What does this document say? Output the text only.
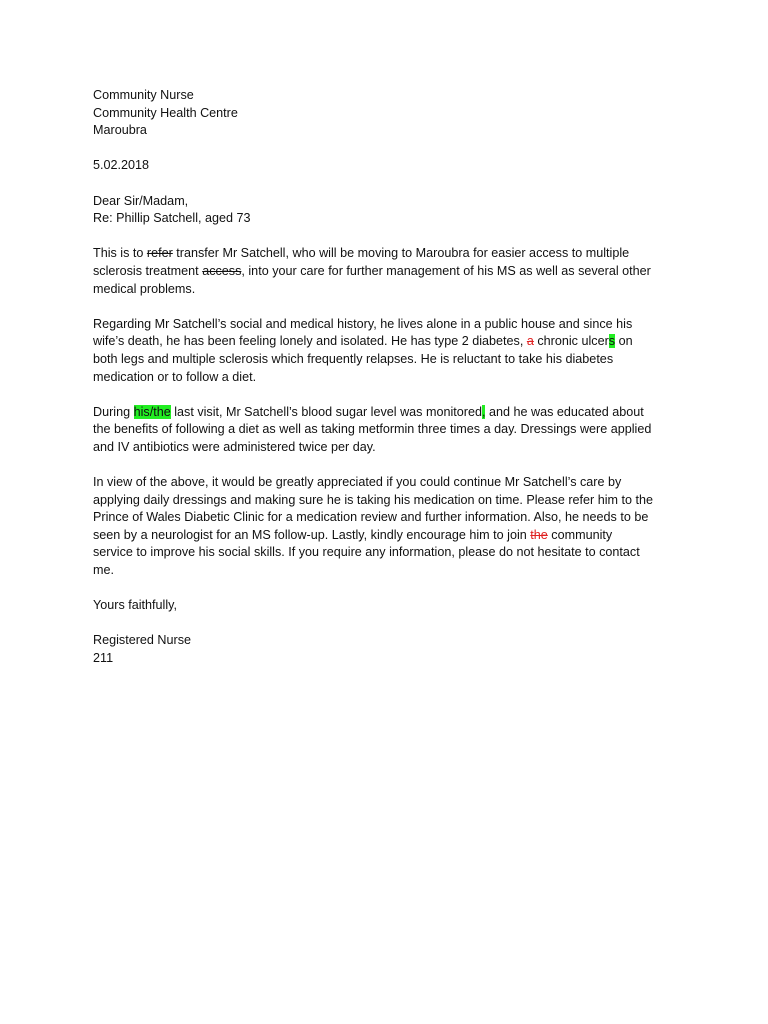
Community Nurse
Community Health Centre
Maroubra
5.02.2018
Dear Sir/Madam,
Re: Phillip Satchell, aged 73
This is to refer transfer Mr Satchell, who will be moving to Maroubra for easier access to multiple
sclerosis treatment access, into your care for further management of his MS as well as several other
medical problems.
Regarding Mr Satchell’s social and medical history, he lives alone in a public house and since his
wife’s death, he has been feeling lonely and isolated. He has type 2 diabetes, a chronic ulcers on
both legs and multiple sclerosis which frequently relapses. He is reluctant to take his diabetes
medication or to follow a diet.
During his/the last visit, Mr Satchell’s blood sugar level was monitored, and he was educated about
the benefits of following a diet as well as taking metformin three times a day. Dressings were applied
and IV antibiotics were administered twice per day.
In view of the above, it would be greatly appreciated if you could continue Mr Satchell’s care by
applying daily dressings and making sure he is taking his medication on time. Please refer him to the
Prince of Wales Diabetic Clinic for a medication review and further information. Also, he needs to be
seen by a neurologist for an MS follow-up. Lastly, kindly encourage him to join the community
service to improve his social skills. If you require any information, please do not hesitate to contact
me.
Yours faithfully,
Registered Nurse
211
